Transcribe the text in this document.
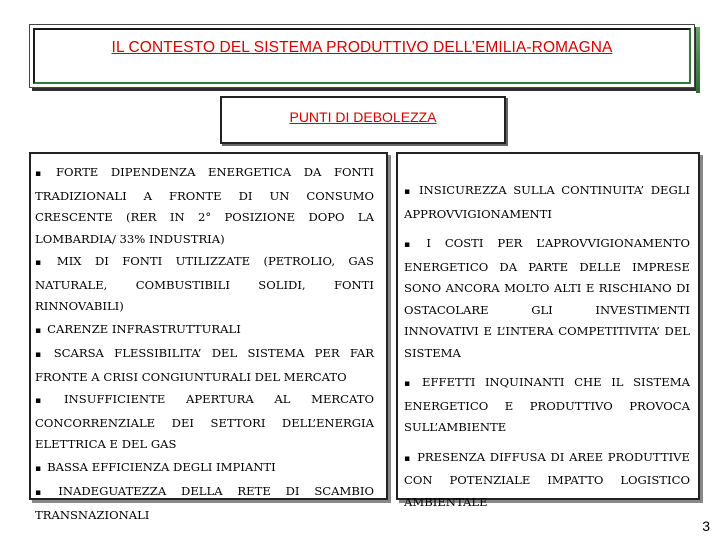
IL CONTESTO DEL SISTEMA PRODUTTIVO DELL’EMILIA-ROMAGNA
PUNTI DI DEBOLEZZA

▪ FORTE DIPENDENZA ENERGETICA DA FONTI TRADIZIONALI A FRONTE DI UN CONSUMO CRESCENTE (RER IN 2° POSIZIONE DOPO LA LOMBARDIA/ 33% INDUSTRIA)

▪ MIX DI FONTI UTILIZZATE (PETROLIO, GAS NATURALE, COMBUSTIBILI SOLIDI, FONTI RINNOVABILI)

▪ CARENZE INFRASTRUTTURALI

▪ SCARSA FLESSIBILITA’ DEL SISTEMA PER FAR FRONTE A CRISI CONGIUNTURALI DEL MERCATO

▪ INSUFFICIENTE APERTURA AL MERCATO CONCORRENZIALE DEI SETTORI DELL’ENERGIA ELETTRICA E DEL GAS

▪ BASSA EFFICIENZA DEGLI IMPIANTI

▪ INADEGUATEZZA DELLA RETE DI SCAMBIO TRANSNAZIONALI

▪ INSICUREZZA SULLA CONTINUITA’ DEGLI APPROVVIGIONAMENTI

▪ I COSTI PER L’APROVVIGIONAMENTO ENERGETICO DA PARTE DELLE IMPRESE SONO ANCORA MOLTO ALTI E RISCHIANO DI OSTACOLARE GLI INVESTIMENTI INNOVATIVI E L’INTERA COMPETITIVITA’ DEL SISTEMA

▪ EFFETTI INQUINANTI CHE IL SISTEMA ENERGETICO E PRODUTTIVO PROVOCA SULL’AMBIENTE

▪ PRESENZA DIFFUSA DI AREE PRODUTTIVE CON POTENZIALE IMPATTO LOGISTICO AMBIENTALE

3
